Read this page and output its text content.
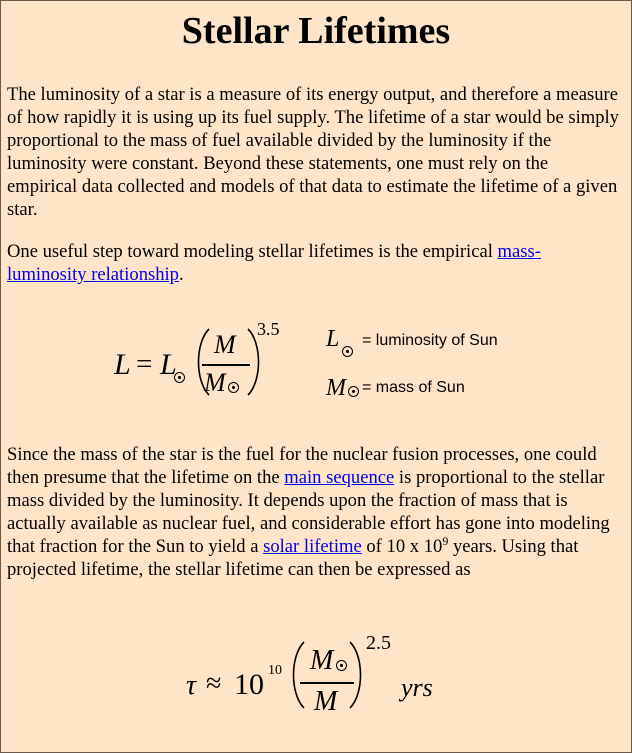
Stellar Lifetimes

The luminosity of a star is a measure of its energy output, and therefore a measure of how rapidly it is using up its fuel supply. The lifetime of a star would be simply proportional to the mass of fuel available divided by the luminosity if the luminosity were constant. Beyond these statements, one must rely on the empirical data collected and models of that data to estimate the lifetime of a given star.

One useful step toward modeling stellar lifetimes is the empirical mass-luminosity relationship.

L = L
M
M
3.5 L = luminosity of Sun
M = mass of Sun

Since the mass of the star is the fuel for the nuclear fusion processes, one could then presume that the lifetime on the main sequence is proportional to the stellar mass divided by the luminosity. It depends upon the fraction of mass that is actually available as nuclear fuel, and considerable effort has gone into modeling that fraction for the Sun to yield a solar lifetime of 10 x $10^9$ years. Using that projected lifetime, the stellar lifetime can then be expressed as

τ ≈ 10 10 M
M
2.5
yrs
